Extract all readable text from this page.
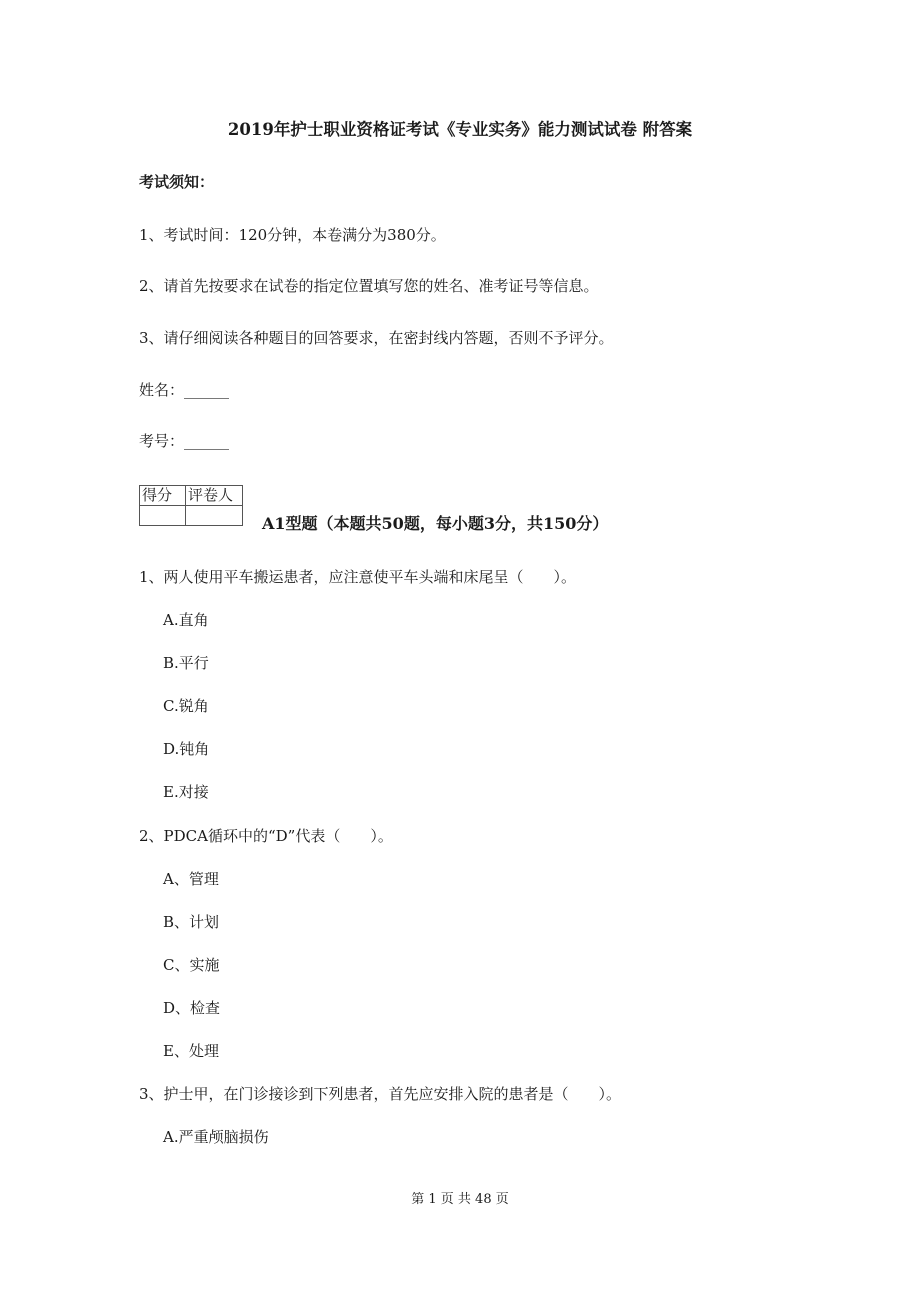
2019年护士职业资格证考试《专业实务》能力测试试卷 附答案
考试须知：
1、考试时间：120分钟，本卷满分为380分。
2、请首先按要求在试卷的指定位置填写您的姓名、准考证号等信息。
3、请仔细阅读各种题目的回答要求，在密封线内答题，否则不予评分。
姓名：______
考号：______
得分	评卷人

A1型题（本题共50题，每小题3分，共150分）
1、两人使用平车搬运患者，应注意使平车头端和床尾呈（　　）。
A.直角
B.平行
C.锐角
D.钝角
E.对接
2、PDCA循环中的“D”代表（　　）。
A、管理
B、计划
C、实施
D、检查
E、处理
3、护士甲，在门诊接诊到下列患者，首先应安排入院的患者是（　　）。
A.严重颅脑损伤
第 1 页 共 48 页
